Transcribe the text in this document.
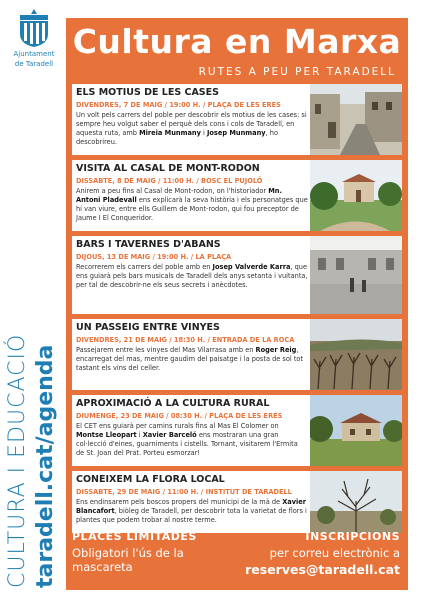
Ajuntament
de Taradell
CULTURA I EDUCACIÓ taradell.cat/agenda
Cultura en Marxa
RUTES A PEU PER TARADELL
ELS MOTIUS DE LES CASES
DIVENDRES, 7 DE MAIG / 19:00 H. / PLAÇA DE LES ERES
Un volt pels carrers del poble per descobrir els motius de les cases: si sempre heu volgut saber el perquè dels cons i cols de Taradell, en aquesta ruta, amb Mireia Munmany i Josep Munmany, ho descobrireu.
VISITA AL CASAL DE MONT-RODON
DISSABTE, 8 DE MAIG / 11:00 H. / BOSC EL PUJOLÓ
Anirem a peu fins al Casal de Mont-rodon, on l'historiador Mn. Antoni Pladevall ens explicarà la seva història i els personatges que hi van viure, entre ells Guillem de Mont-rodon, qui fou preceptor de Jaume I El Conqueridor.
BARS I TAVERNES D'ABANS
DIJOUS, 13 DE MAIG / 19:00 H. / LA PLAÇA
Recorrerem els carrers del poble amb en Josep Valverde Karra, que ens guiarà pels bars musicals de Taradell dels anys setanta i vuitanta, per tal de descobrir-ne els seus secrets i anècdotes.
UN PASSEIG ENTRE VINYES
DIVENDRES, 21 DE MAIG / 18:30 H. / ENTRADA DE LA ROCA
Passejarem entre les vinyes del Mas Vilarrasa amb en Roger Reig, encarregat del mas, mentre gaudim del paisatge i la posta de sol tot tastant els vins del celler.
APROXIMACIÓ A LA CULTURA RURAL
DIUMENGE, 23 DE MAIG / 08:30 H. / PLAÇA DE LES ERES
El CET ens guiarà per camins rurals fins al Mas El Colomer on Montse Lleopart i Xavier Barceló ens mostraran una gran col·lecció d'eines, guarniments i cistells. Tornant, visitarem l'Ermita de St. Joan del Prat. Porteu esmorzar!
CONEIXEM LA FLORA LOCAL
DISSABTE, 29 DE MAIG / 11:00 H. / INSTITUT DE TARADELL
Ens endinsarem pels boscos propers del municipi de la mà de Xavier Blancafort, biòleg de Taradell, per descobrir tota la varietat de flors i plantes que podem trobar al nostre terme.
PLACES LIMITADES
Obligatori l'ús de la mascareta
INSCRIPCIONS
per correu electrònic a
reserves@taradell.cat
